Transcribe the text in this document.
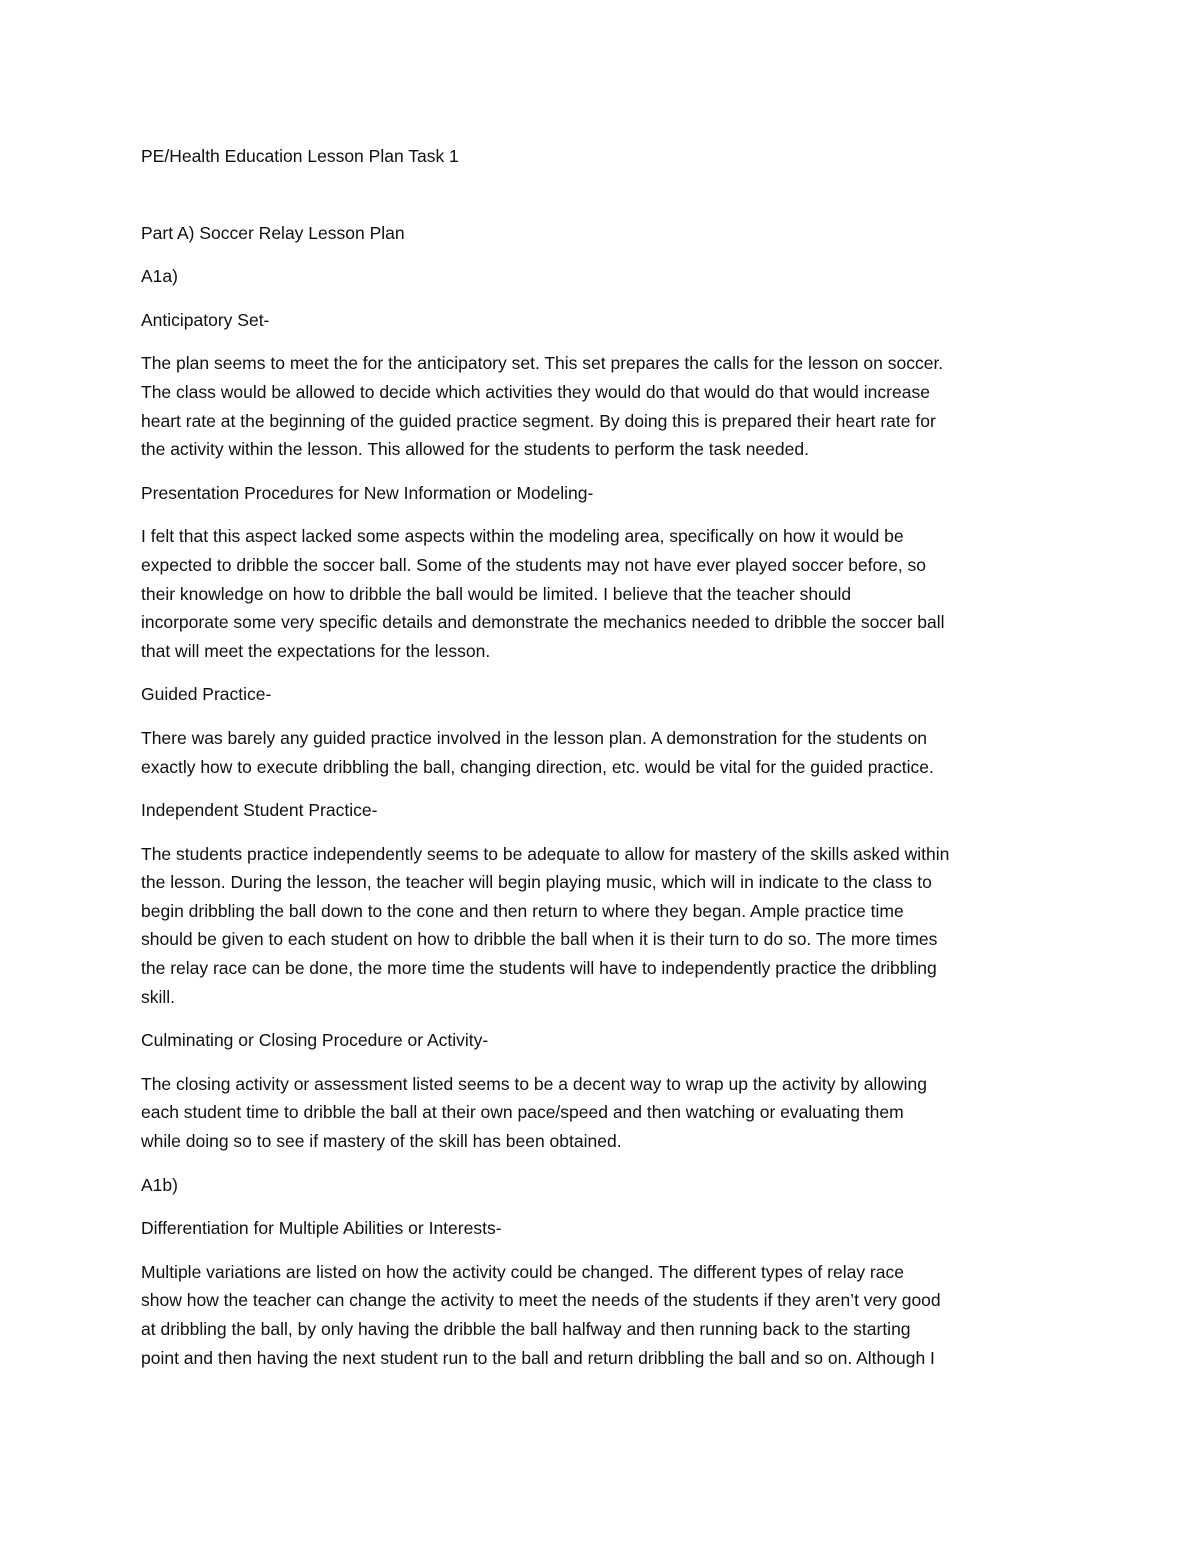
PE/Health Education Lesson Plan Task 1
Part A) Soccer Relay Lesson Plan
A1a)
Anticipatory Set-
The plan seems to meet the for the anticipatory set. This set prepares the calls for the lesson on soccer.
The class would be allowed to decide which activities they would do that would do that would increase
heart rate at the beginning of the guided practice segment. By doing this is prepared their heart rate for
the activity within the lesson. This allowed for the students to perform the task needed.
Presentation Procedures for New Information or Modeling-
I felt that this aspect lacked some aspects within the modeling area, specifically on how it would be
expected to dribble the soccer ball. Some of the students may not have ever played soccer before, so
their knowledge on how to dribble the ball would be limited. I believe that the teacher should
incorporate some very specific details and demonstrate the mechanics needed to dribble the soccer ball
that will meet the expectations for the lesson.
Guided Practice-
There was barely any guided practice involved in the lesson plan. A demonstration for the students on
exactly how to execute dribbling the ball, changing direction, etc. would be vital for the guided practice.
Independent Student Practice-
The students practice independently seems to be adequate to allow for mastery of the skills asked within
the lesson. During the lesson, the teacher will begin playing music, which will in indicate to the class to
begin dribbling the ball down to the cone and then return to where they began. Ample practice time
should be given to each student on how to dribble the ball when it is their turn to do so. The more times
the relay race can be done, the more time the students will have to independently practice the dribbling
skill.
Culminating or Closing Procedure or Activity-
The closing activity or assessment listed seems to be a decent way to wrap up the activity by allowing
each student time to dribble the ball at their own pace/speed and then watching or evaluating them
while doing so to see if mastery of the skill has been obtained.
A1b)
Differentiation for Multiple Abilities or Interests-
Multiple variations are listed on how the activity could be changed. The different types of relay race
show how the teacher can change the activity to meet the needs of the students if they aren’t very good
at dribbling the ball, by only having the dribble the ball halfway and then running back to the starting
point and then having the next student run to the ball and return dribbling the ball and so on. Although I
